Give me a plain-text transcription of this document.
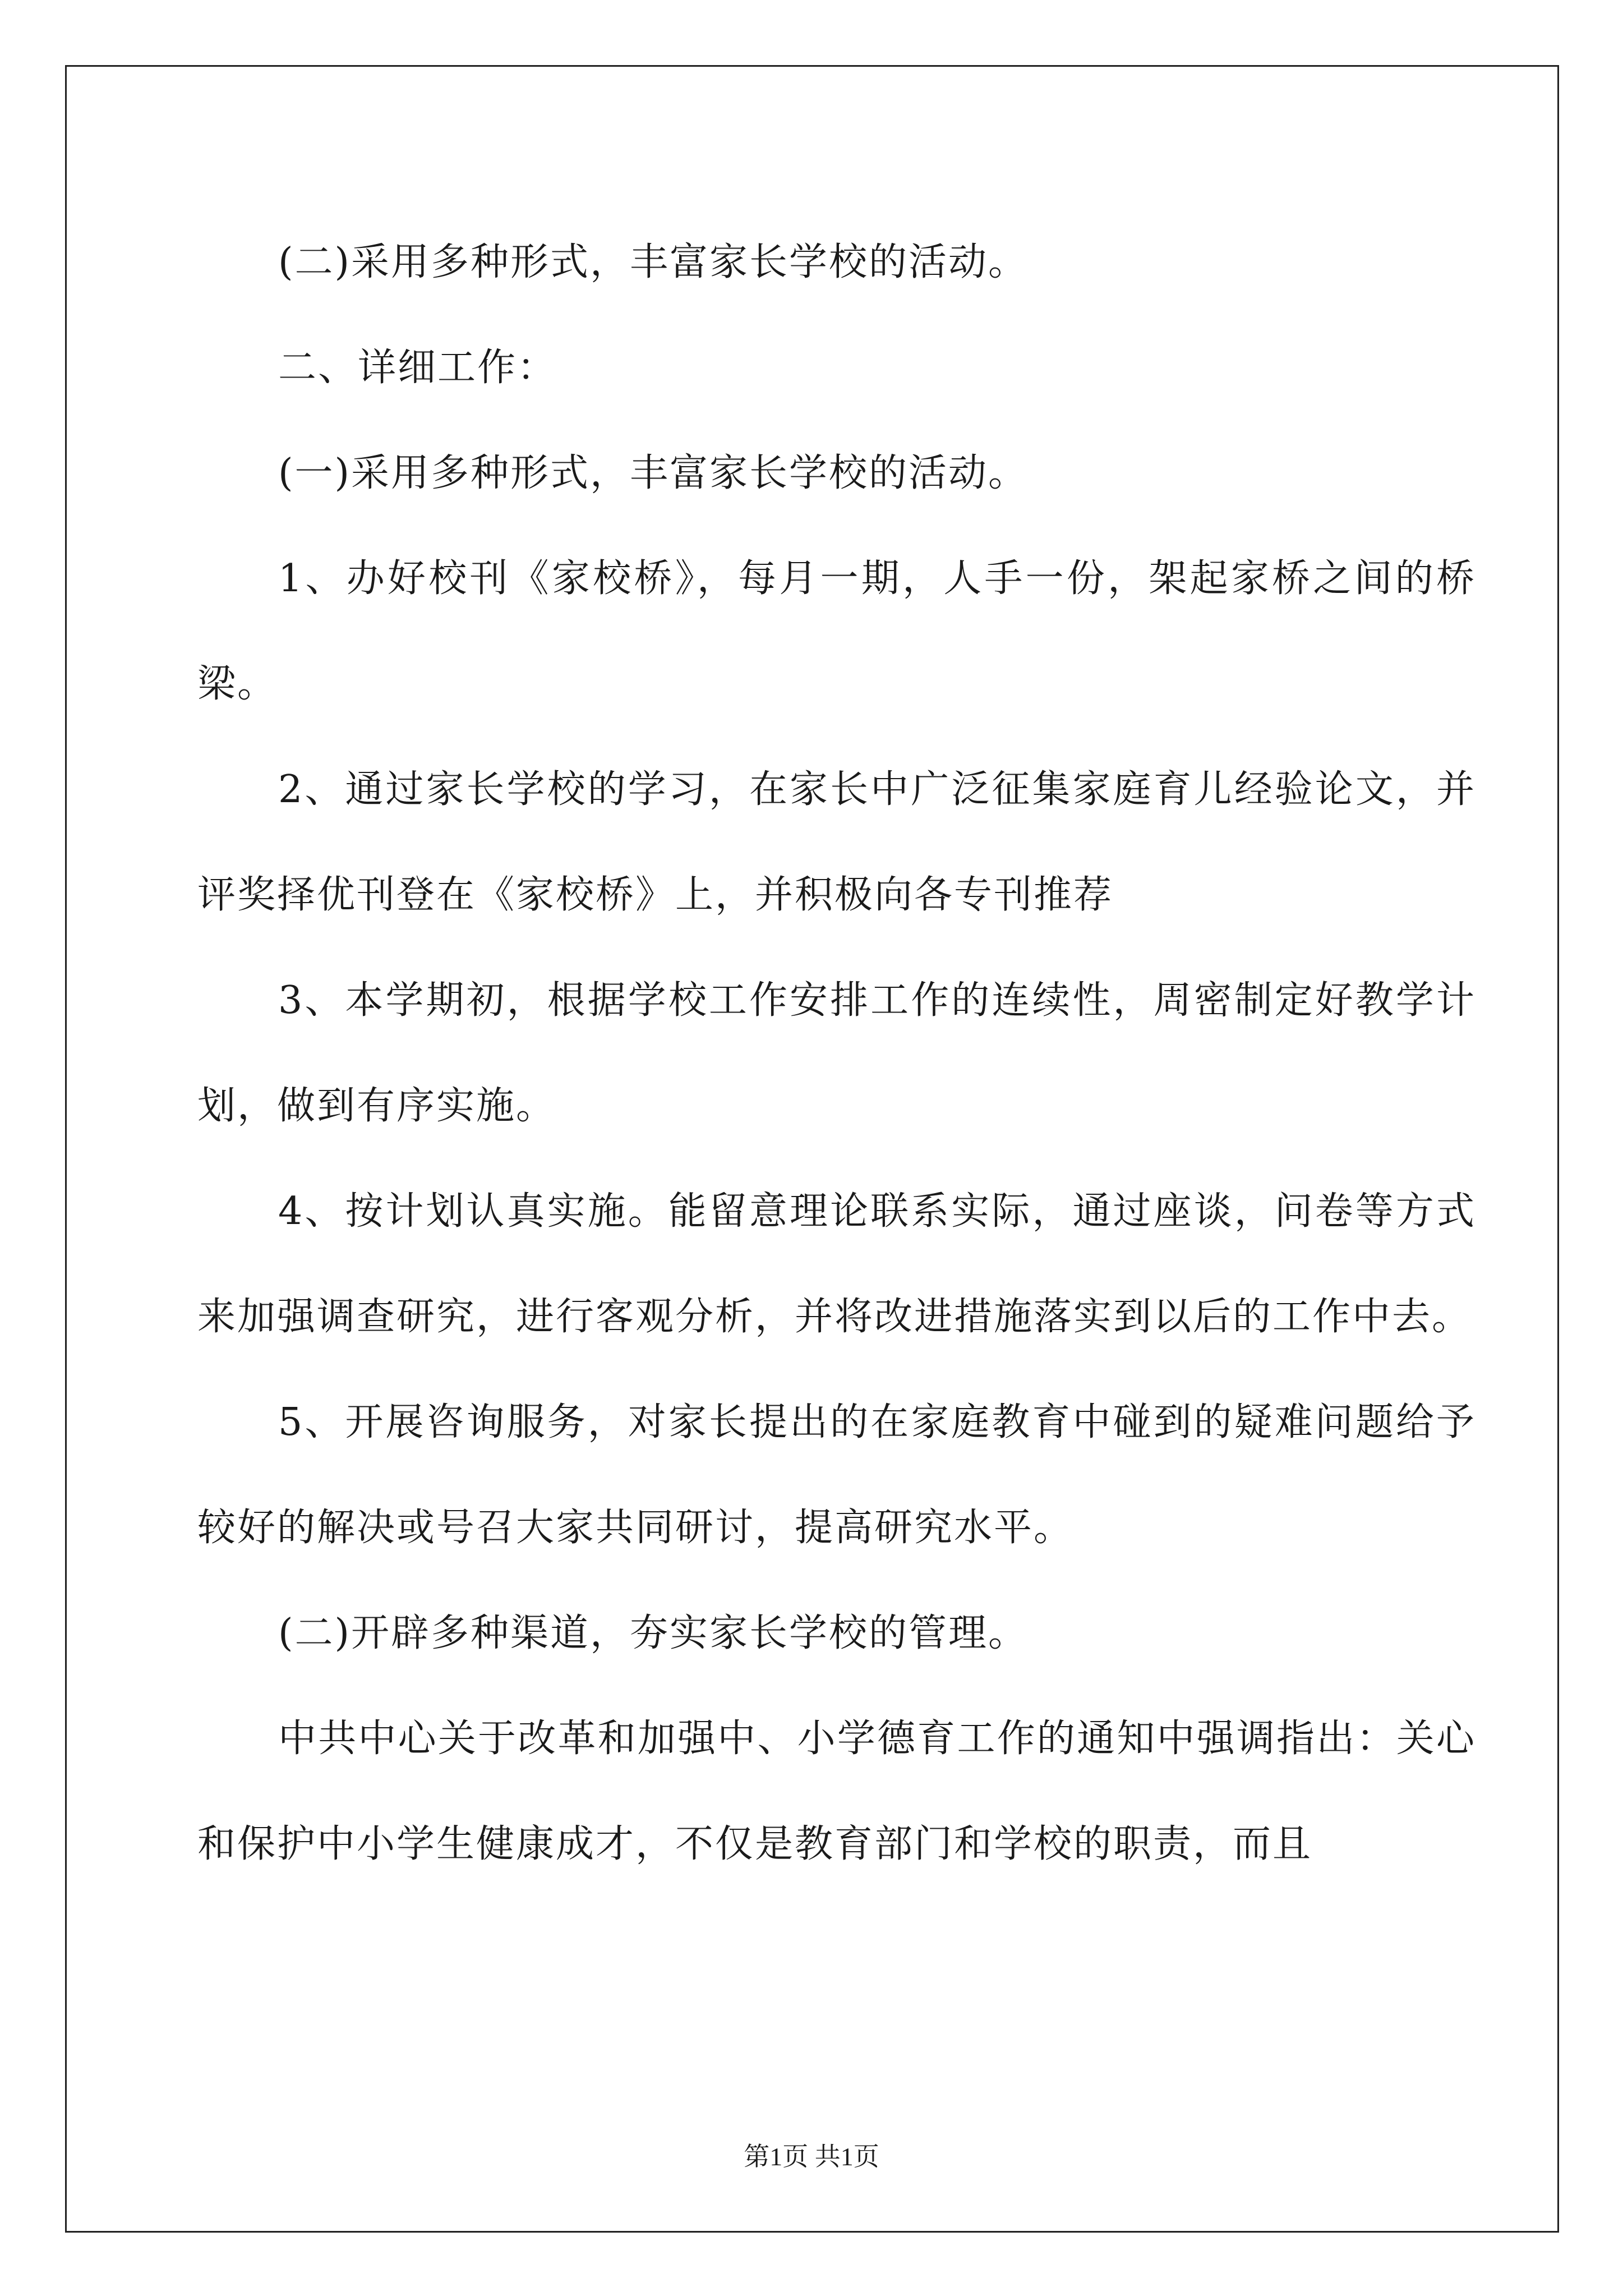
(二)采用多种形式，丰富家长学校的活动。

二、详细工作：

(一)采用多种形式，丰富家长学校的活动。

1、办好校刊《家校桥》，每月一期，人手一份，架起家桥之间的桥梁。

2、通过家长学校的学习，在家长中广泛征集家庭育儿经验论文，并评奖择优刊登在《家校桥》上，并积极向各专刊推荐

3、本学期初，根据学校工作安排工作的连续性，周密制定好教学计划，做到有序实施。

4、按计划认真实施。能留意理论联系实际，通过座谈，问卷等方式来加强调查研究，进行客观分析，并将改进措施落实到以后的工作中去。

5、开展咨询服务，对家长提出的在家庭教育中碰到的疑难问题给予较好的解决或号召大家共同研讨，提高研究水平。

(二)开辟多种渠道，夯实家长学校的管理。

中共中心关于改革和加强中、小学德育工作的通知中强调指出：关心和保护中小学生健康成才，不仅是教育部门和学校的职责，而且

第1页 共1页
